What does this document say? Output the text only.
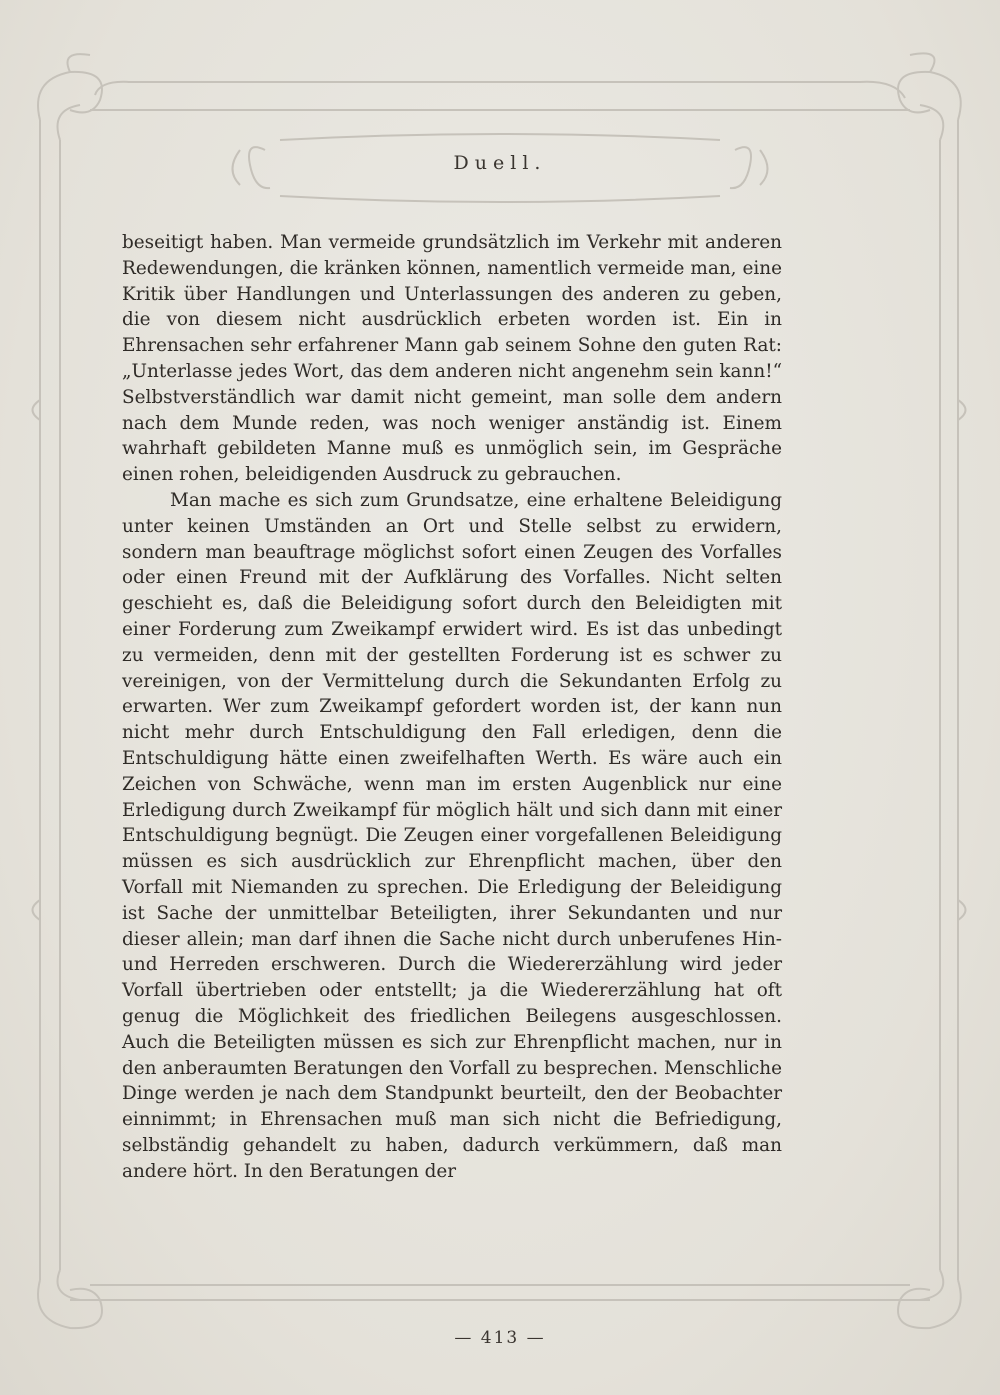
Duell.

beseitigt haben. Man vermeide grundsätzlich im Verkehr mit anderen Redewendungen, die kränken können, namentlich vermeide man, eine Kritik über Handlungen und Unterlassungen des anderen zu geben, die von diesem nicht ausdrücklich erbeten worden ist. Ein in Ehrensachen sehr erfahrener Mann gab seinem Sohne den guten Rat: „Unterlasse jedes Wort, das dem anderen nicht angenehm sein kann!“ Selbstverständlich war damit nicht gemeint, man solle dem andern nach dem Munde reden, was noch weniger anständig ist. Einem wahrhaft gebildeten Manne muß es unmöglich sein, im Gespräche einen rohen, beleidigenden Ausdruck zu gebrauchen.

Man mache es sich zum Grundsatze, eine erhaltene Beleidigung unter keinen Umständen an Ort und Stelle selbst zu erwidern, sondern man beauftrage möglichst sofort einen Zeugen des Vorfalles oder einen Freund mit der Aufklärung des Vorfalles. Nicht selten geschieht es, daß die Beleidigung sofort durch den Beleidigten mit einer Forderung zum Zweikampf erwidert wird. Es ist das unbedingt zu vermeiden, denn mit der gestellten Forderung ist es schwer zu vereinigen, von der Vermittelung durch die Sekundanten Erfolg zu erwarten. Wer zum Zweikampf gefordert worden ist, der kann nun nicht mehr durch Entschuldigung den Fall erledigen, denn die Entschuldigung hätte einen zweifelhaften Werth. Es wäre auch ein Zeichen von Schwäche, wenn man im ersten Augenblick nur eine Erledigung durch Zweikampf für möglich hält und sich dann mit einer Entschuldigung begnügt. Die Zeugen einer vorgefallenen Beleidigung müssen es sich ausdrücklich zur Ehrenpflicht machen, über den Vorfall mit Niemanden zu sprechen. Die Erledigung der Beleidigung ist Sache der unmittelbar Beteiligten, ihrer Sekundanten und nur dieser allein; man darf ihnen die Sache nicht durch unberufenes Hin- und Herreden erschweren. Durch die Wiedererzählung wird jeder Vorfall übertrieben oder entstellt; ja die Wiedererzählung hat oft genug die Möglichkeit des friedlichen Beilegens ausgeschlossen. Auch die Beteiligten müssen es sich zur Ehrenpflicht machen, nur in den anberaumten Beratungen den Vorfall zu besprechen. Menschliche Dinge werden je nach dem Standpunkt beurteilt, den der Beobachter einnimmt; in Ehrensachen muß man sich nicht die Befriedigung, selbständig gehandelt zu haben, dadurch verkümmern, daß man andere hört. In den Beratungen der

— 413 —
